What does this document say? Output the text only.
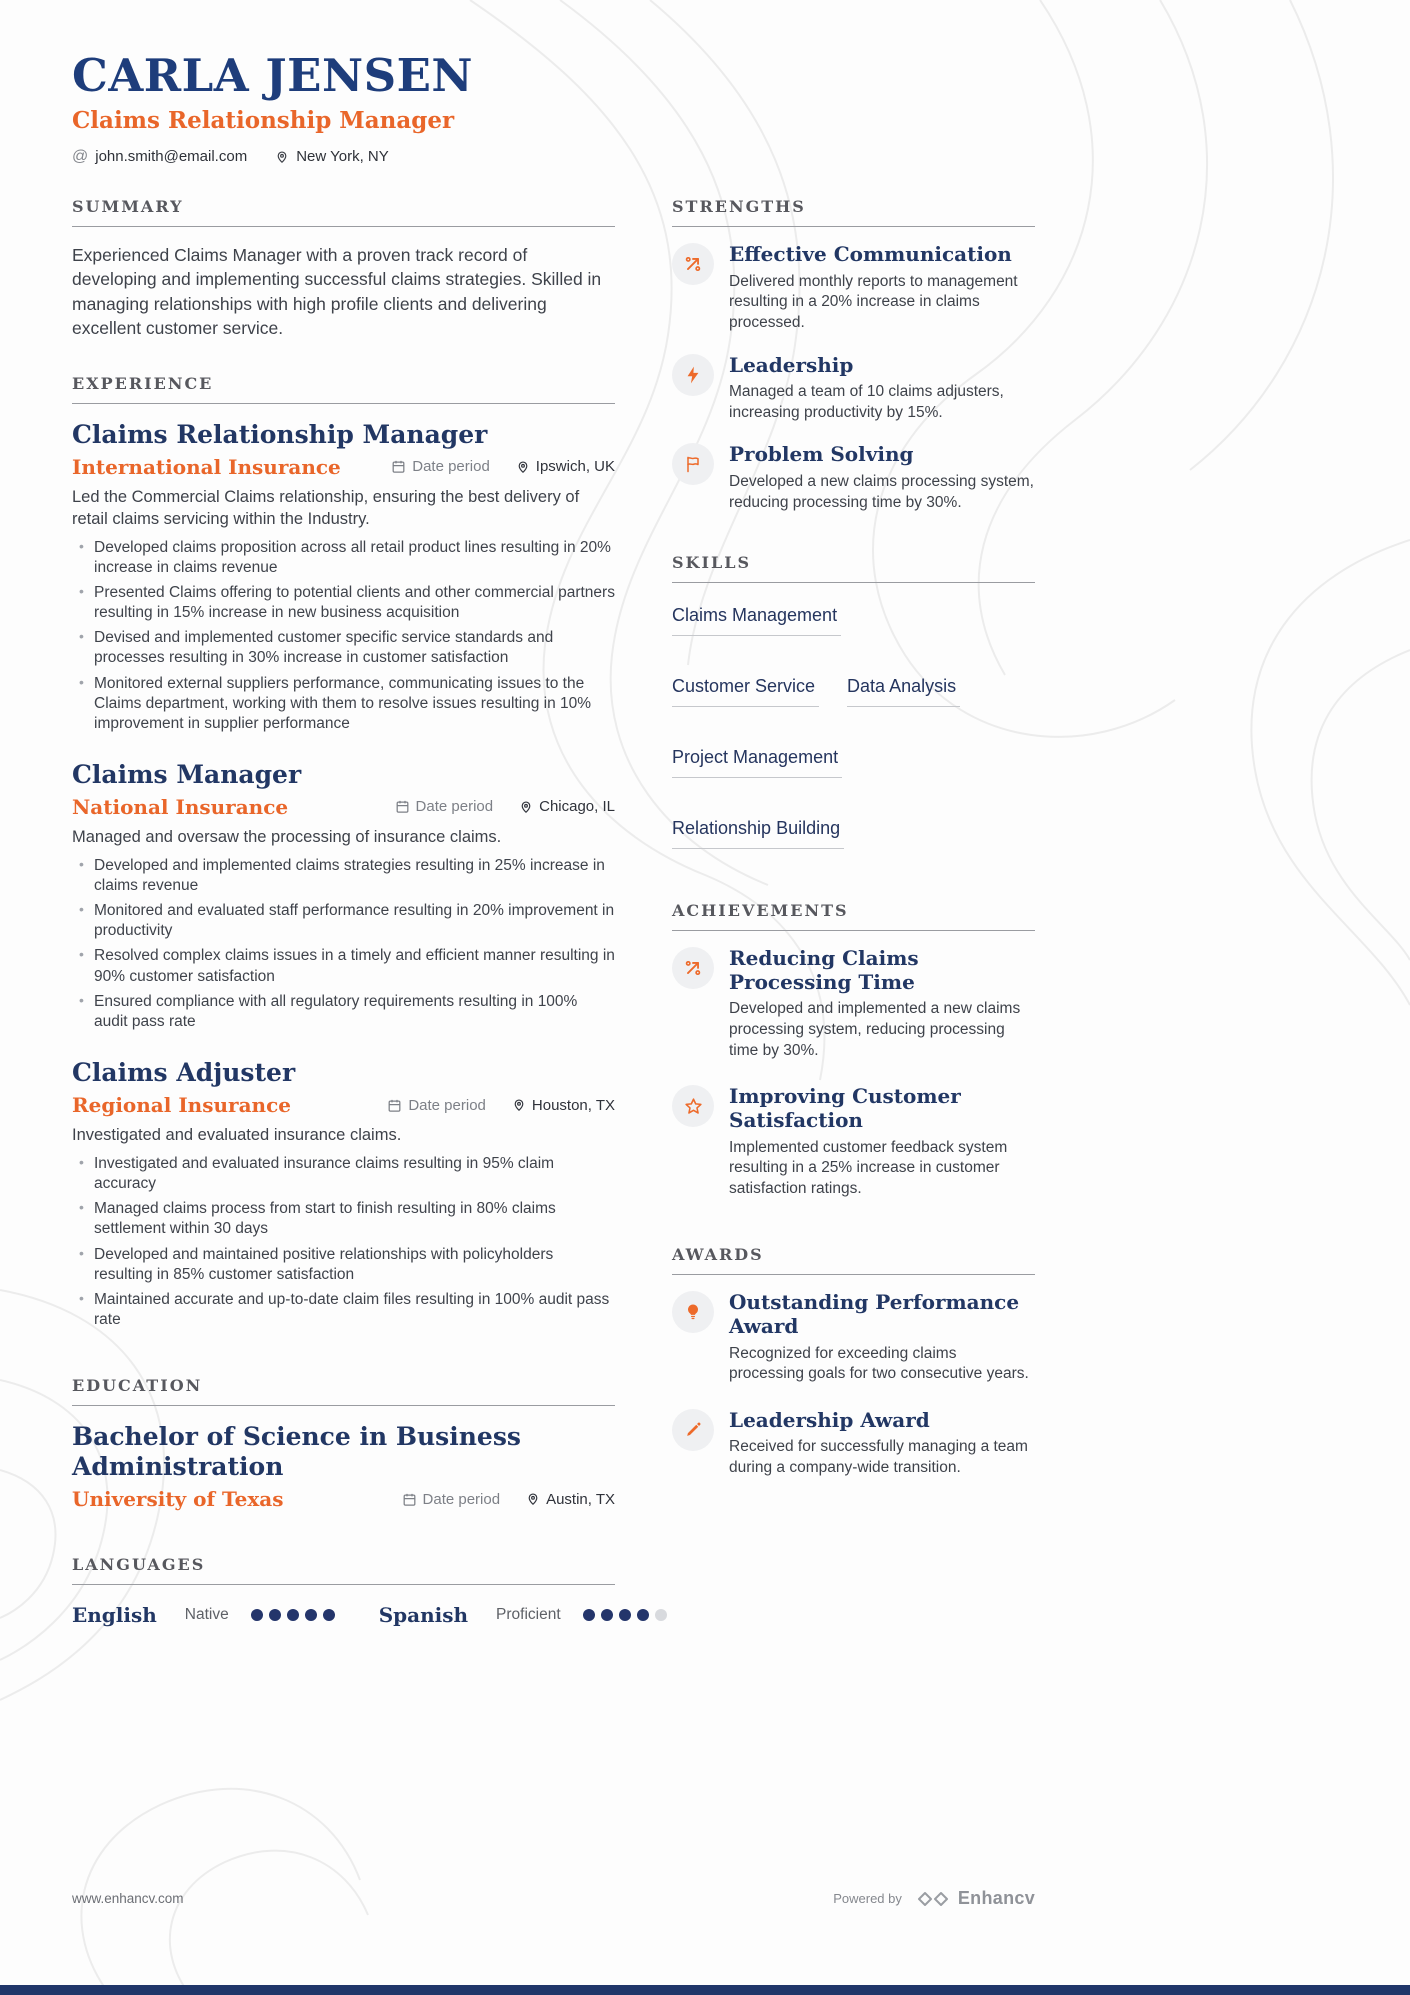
CARLA JENSEN
Claims Relationship Manager
@ john.smith@email.com	New York, NY
SUMMARY

Experienced Claims Manager with a proven track record of developing and implementing successful claims strategies. Skilled in managing relationships with high profile clients and delivering excellent customer service.

EXPERIENCE
Claims Relationship Manager
International Insurance	Date period	Ipswich, UK

Led the Commercial Claims relationship, ensuring the best delivery of retail claims servicing within the Industry.

• Developed claims proposition across all retail product lines resulting in 20% increase in claims revenue
• Presented Claims offering to potential clients and other commercial partners resulting in 15% increase in new business acquisition
• Devised and implemented customer specific service standards and processes resulting in 30% increase in customer satisfaction
• Monitored external suppliers performance, communicating issues to the Claims department, working with them to resolve issues resulting in 10% improvement in supplier performance
Claims Manager
National Insurance	Date period	Chicago, IL

Managed and oversaw the processing of insurance claims.

• Developed and implemented claims strategies resulting in 25% increase in claims revenue
• Monitored and evaluated staff performance resulting in 20% improvement in productivity
• Resolved complex claims issues in a timely and efficient manner resulting in 90% customer satisfaction
• Ensured compliance with all regulatory requirements resulting in 100% audit pass rate
Claims Adjuster
Regional Insurance	Date period	Houston, TX

Investigated and evaluated insurance claims.

• Investigated and evaluated insurance claims resulting in 95% claim accuracy
• Managed claims process from start to finish resulting in 80% claims settlement within 30 days
• Developed and maintained positive relationships with policyholders resulting in 85% customer satisfaction
• Maintained accurate and up-to-date claim files resulting in 100% audit pass rate
EDUCATION
Bachelor of Science in Business Administration
University of Texas	Date period	Austin, TX
LANGUAGES
English Native	Spanish Proficient
STRENGTHS
Effective Communication

Delivered monthly reports to management resulting in a 20% increase in claims processed.

Leadership

Managed a team of 10 claims adjusters, increasing productivity by 15%.

Problem Solving

Developed a new claims processing system, reducing processing time by 30%.

SKILLS
Claims Management
Customer Service Data Analysis
Project Management
Relationship Building
ACHIEVEMENTS
Reducing Claims Processing Time

Developed and implemented a new claims processing system, reducing processing time by 30%.

Improving Customer Satisfaction

Implemented customer feedback system resulting in a 25% increase in customer satisfaction ratings.

AWARDS
Outstanding Performance Award

Recognized for exceeding claims processing goals for two consecutive years.

Leadership Award

Received for successfully managing a team during a company-wide transition.

www.enhancv.com	Powered by	Enhancv
